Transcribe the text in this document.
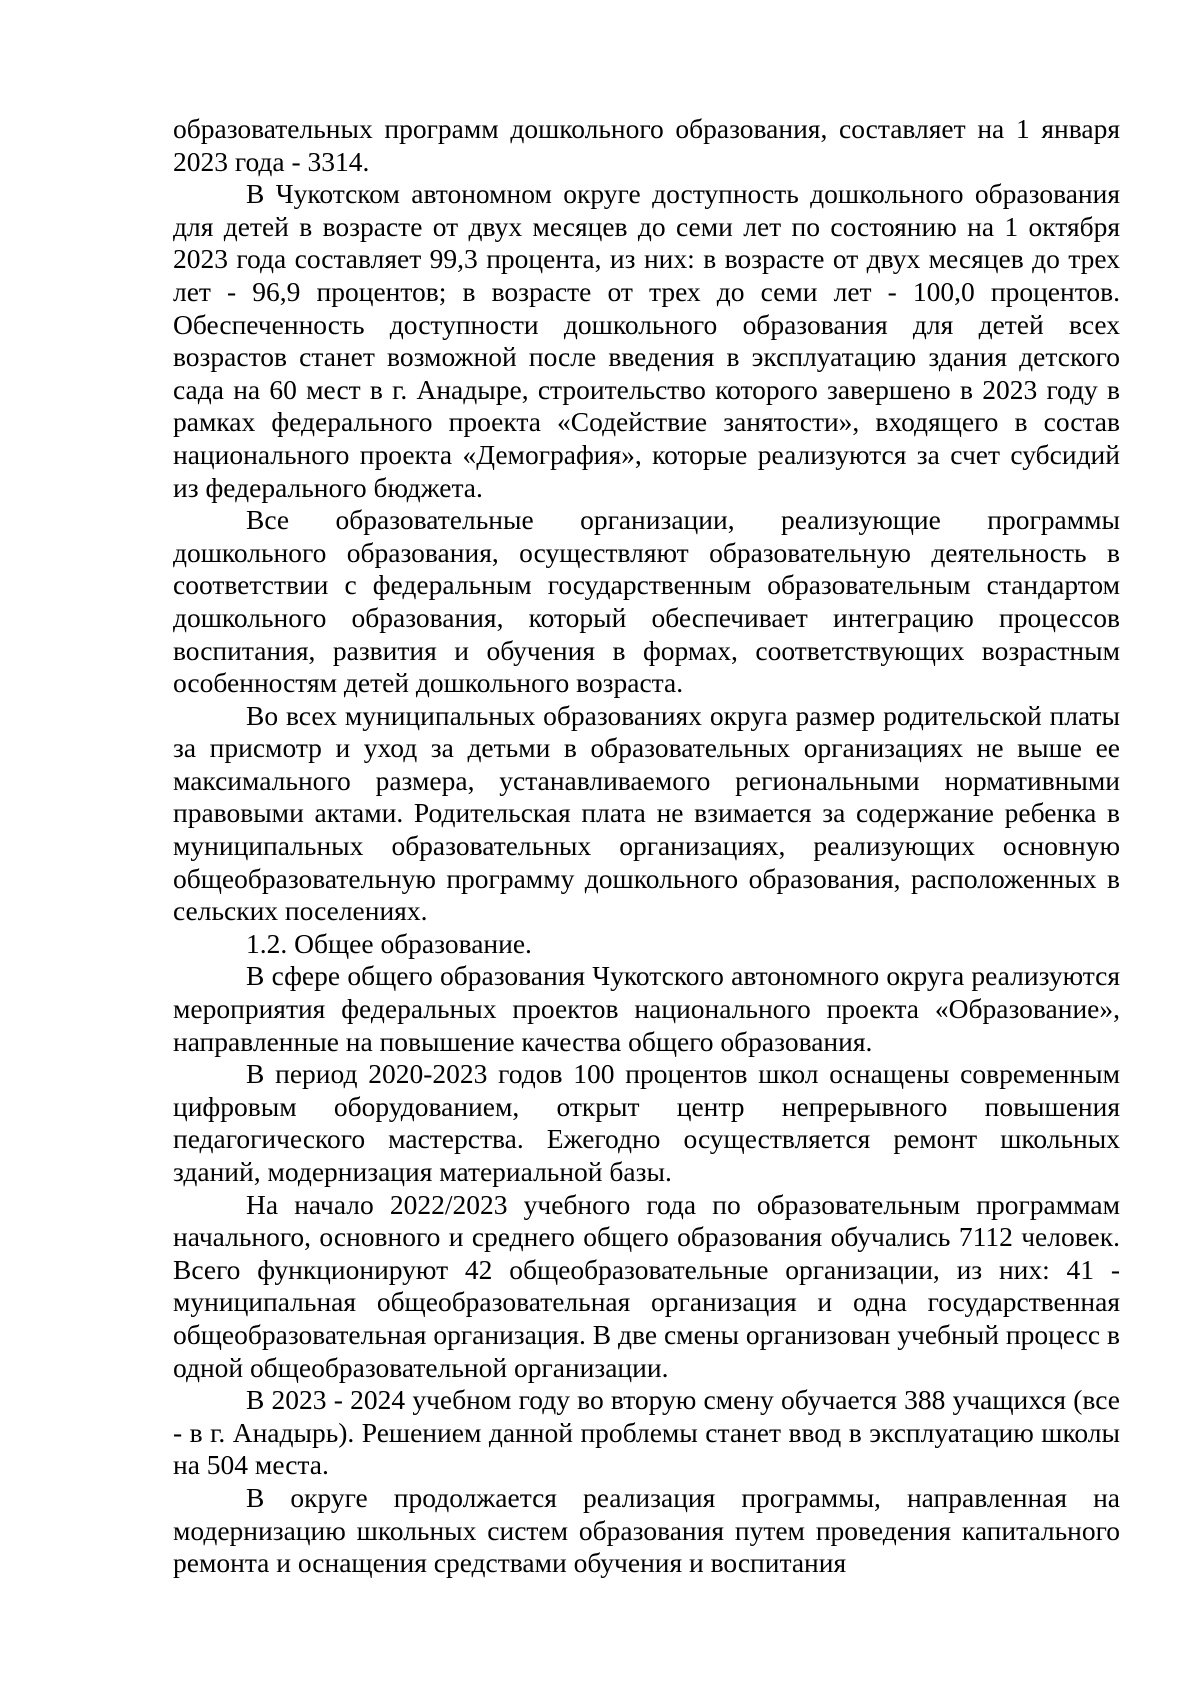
образовательных программ дошкольного образования, составляет на 1 января 2023 года - 3314.

В Чукотском автономном округе доступность дошкольного образования для детей в возрасте от двух месяцев до семи лет по состоянию на 1 октября 2023 года составляет 99,3 процента, из них: в возрасте от двух месяцев до трех лет - 96,9 процентов; в возрасте от трех до семи лет - 100,0 процентов. Обеспеченность доступности дошкольного образования для детей всех возрастов станет возможной после введения в эксплуатацию здания детского сада на 60 мест в г. Анадыре, строительство которого завершено в 2023 году в рамках федерального проекта «Содействие занятости», входящего в состав национального проекта «Демография», которые реализуются за счет субсидий из федерального бюджета.

Все образовательные организации, реализующие программы дошкольного образования, осуществляют образовательную деятельность в соответствии с федеральным государственным образовательным стандартом дошкольного образования, который обеспечивает интеграцию процессов воспитания, развития и обучения в формах, соответствующих возрастным особенностям детей дошкольного возраста.

Во всех муниципальных образованиях округа размер родительской платы за присмотр и уход за детьми в образовательных организациях не выше ее максимального размера, устанавливаемого региональными нормативными правовыми актами. Родительская плата не взимается за содержание ребенка в муниципальных образовательных организациях, реализующих основную общеобразовательную программу дошкольного образования, расположенных в сельских поселениях.

1.2. Общее образование.

В сфере общего образования Чукотского автономного округа реализуются мероприятия федеральных проектов национального проекта «Образование», направленные на повышение качества общего образования.

В период 2020-2023 годов 100 процентов школ оснащены современным цифровым оборудованием, открыт центр непрерывного повышения педагогического мастерства. Ежегодно осуществляется ремонт школьных зданий, модернизация материальной базы.

На начало 2022/2023 учебного года по образовательным программам начального, основного и среднего общего образования обучались 7112 человек. Всего функционируют 42 общеобразовательные организации, из них: 41 - муниципальная общеобразовательная организация и одна государственная общеобразовательная организация. В две смены организован учебный процесс в одной общеобразовательной организации.

В 2023 - 2024 учебном году во вторую смену обучается 388 учащихся (все - в г. Анадырь). Решением данной проблемы станет ввод в эксплуатацию школы на 504 места.

В округе продолжается реализация программы, направленная на модернизацию школьных систем образования путем проведения капитального ремонта и оснащения средствами обучения и воспитания
